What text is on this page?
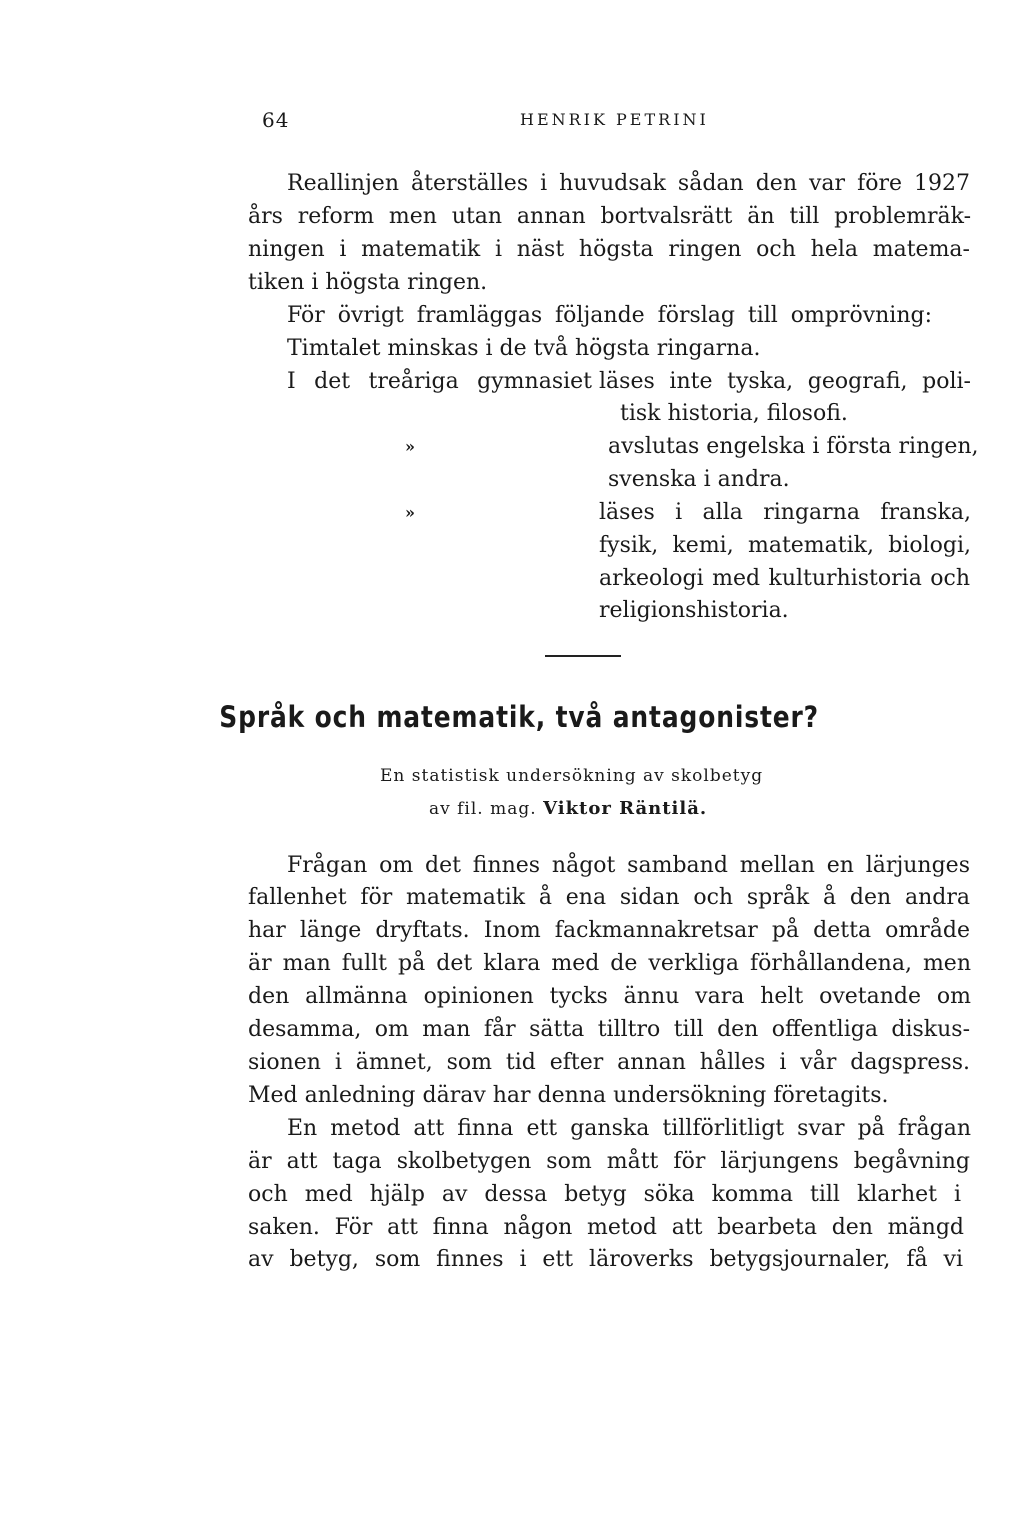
64	HENRIK PETRINI
Reallinjen återställes i huvudsak sådan den var före 1927
års reform men utan annan bortvalsrätt än till problemräk-
ningen i matematik i näst högsta ringen och hela matema-
tiken i högsta ringen.
För övrigt framläggas följande förslag till omprövning:
Timtalet minskas i de två högsta ringarna.
I det treåriga gymnasiet läses inte tyska, geografi, poli-
tisk historia, filosofi.
»	avslutas engelska i första ringen,
svenska i andra.
»	läses i alla ringarna franska,
fysik, kemi, matematik, biologi,
arkeologi med kulturhistoria och
religionshistoria.
Språk och matematik, två antagonister?
En statistisk undersökning av skolbetyg
av fil. mag. Viktor Räntilä.
Frågan om det finnes något samband mellan en lärjunges
fallenhet för matematik å ena sidan och språk å den andra
har länge dryftats. Inom fackmannakretsar på detta område
är man fullt på det klara med de verkliga förhållandena, men
den allmänna opinionen tycks ännu vara helt ovetande om
desamma, om man får sätta tilltro till den offentliga diskus-
sionen i ämnet, som tid efter annan hålles i vår dagspress.
Med anledning därav har denna undersökning företagits.
En metod att finna ett ganska tillförlitligt svar på frågan
är att taga skolbetygen som mått för lärjungens begåvning
och med hjälp av dessa betyg söka komma till klarhet i
saken. För att finna någon metod att bearbeta den mängd
av betyg, som finnes i ett läroverks betygsjournaler, få vi
